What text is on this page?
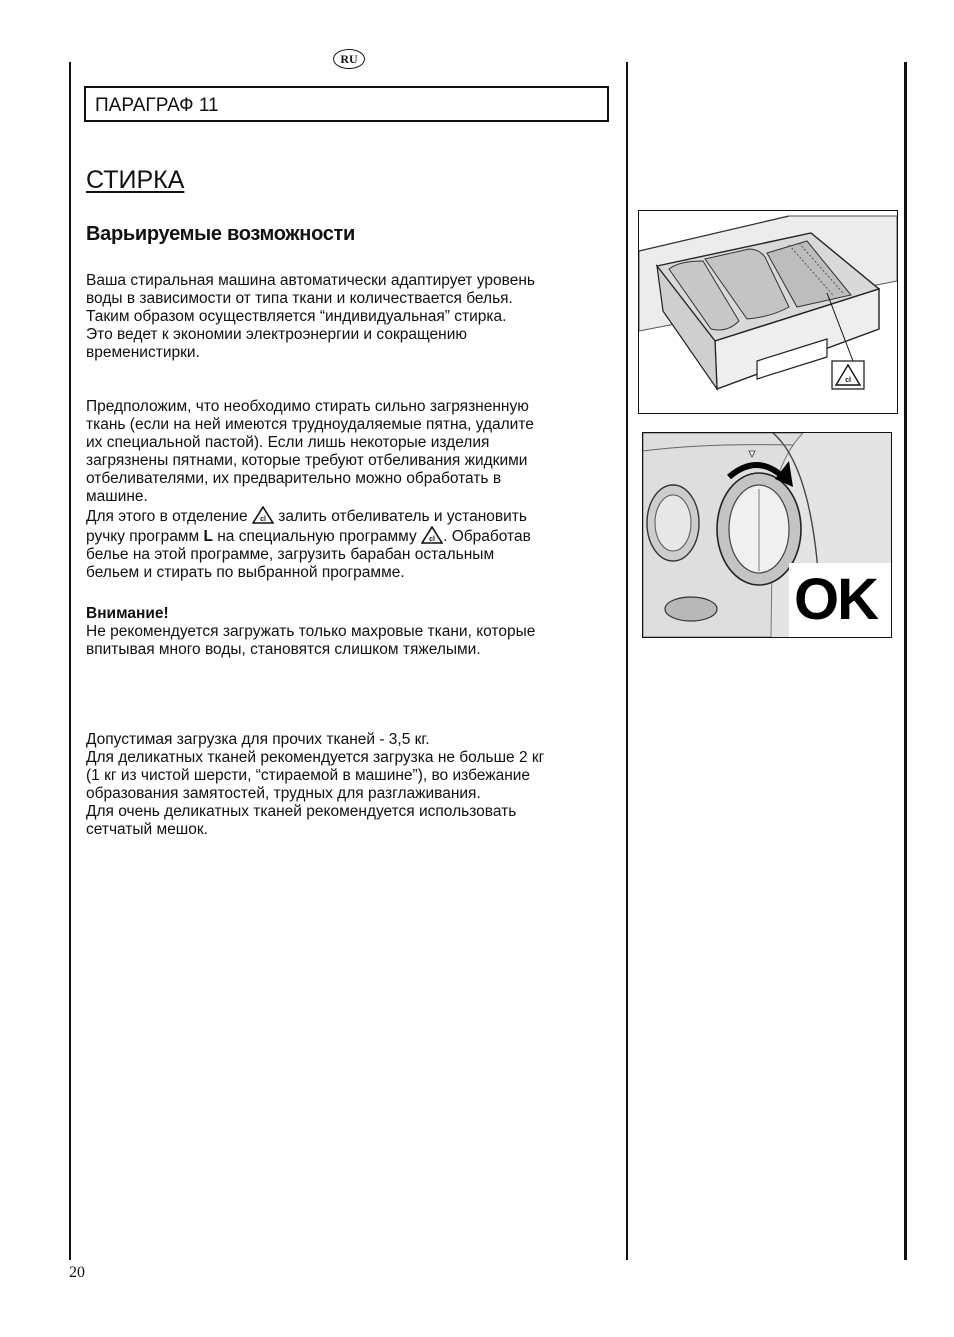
RU
ПАРАГРАФ 11
СТИРКА
Варьируемые возможности
Ваша стиральная машина автоматически адаптирует уровень
воды в зависимости от типа ткани и количествается белья.
Таким образом осуществляется “индивидуальная” стирка.
Это ведет к экономии электроэнергии и сокращению
временистирки.
Предположим, что необходимо стирать сильно загрязненную
ткань (если на ней имеются трудноудаляемые пятна, удалите
их специальной пастой). Если лишь некоторые изделия
загрязнены пятнами, которые требуют отбеливания жидкими
отбеливателями, их предварительно можно обработать в
машине.
Для этого в отделение cl залить отбеливатель и установить
ручку программ L на специальную программу cl . Обработав
белье на этой программе, загрузить барабан остальным
бельем и стирать по выбранной программе.
Внимание!
Не рекомендуется загружать только махровые ткани, которые
впитывая много воды, становятся слишком тяжелыми.
Допустимая загрузка для прочих тканей - 3,5 кг.
Для деликатных тканей рекомендуется загрузка не больше 2 кг
(1 кг из чистой шерсти, “стираемой в машине”), во избежание
образования замятостей, трудных для разглаживания.
Для очень деликатных тканей рекомендуется использовать
сетчатый мешок.
cl
OK
20
